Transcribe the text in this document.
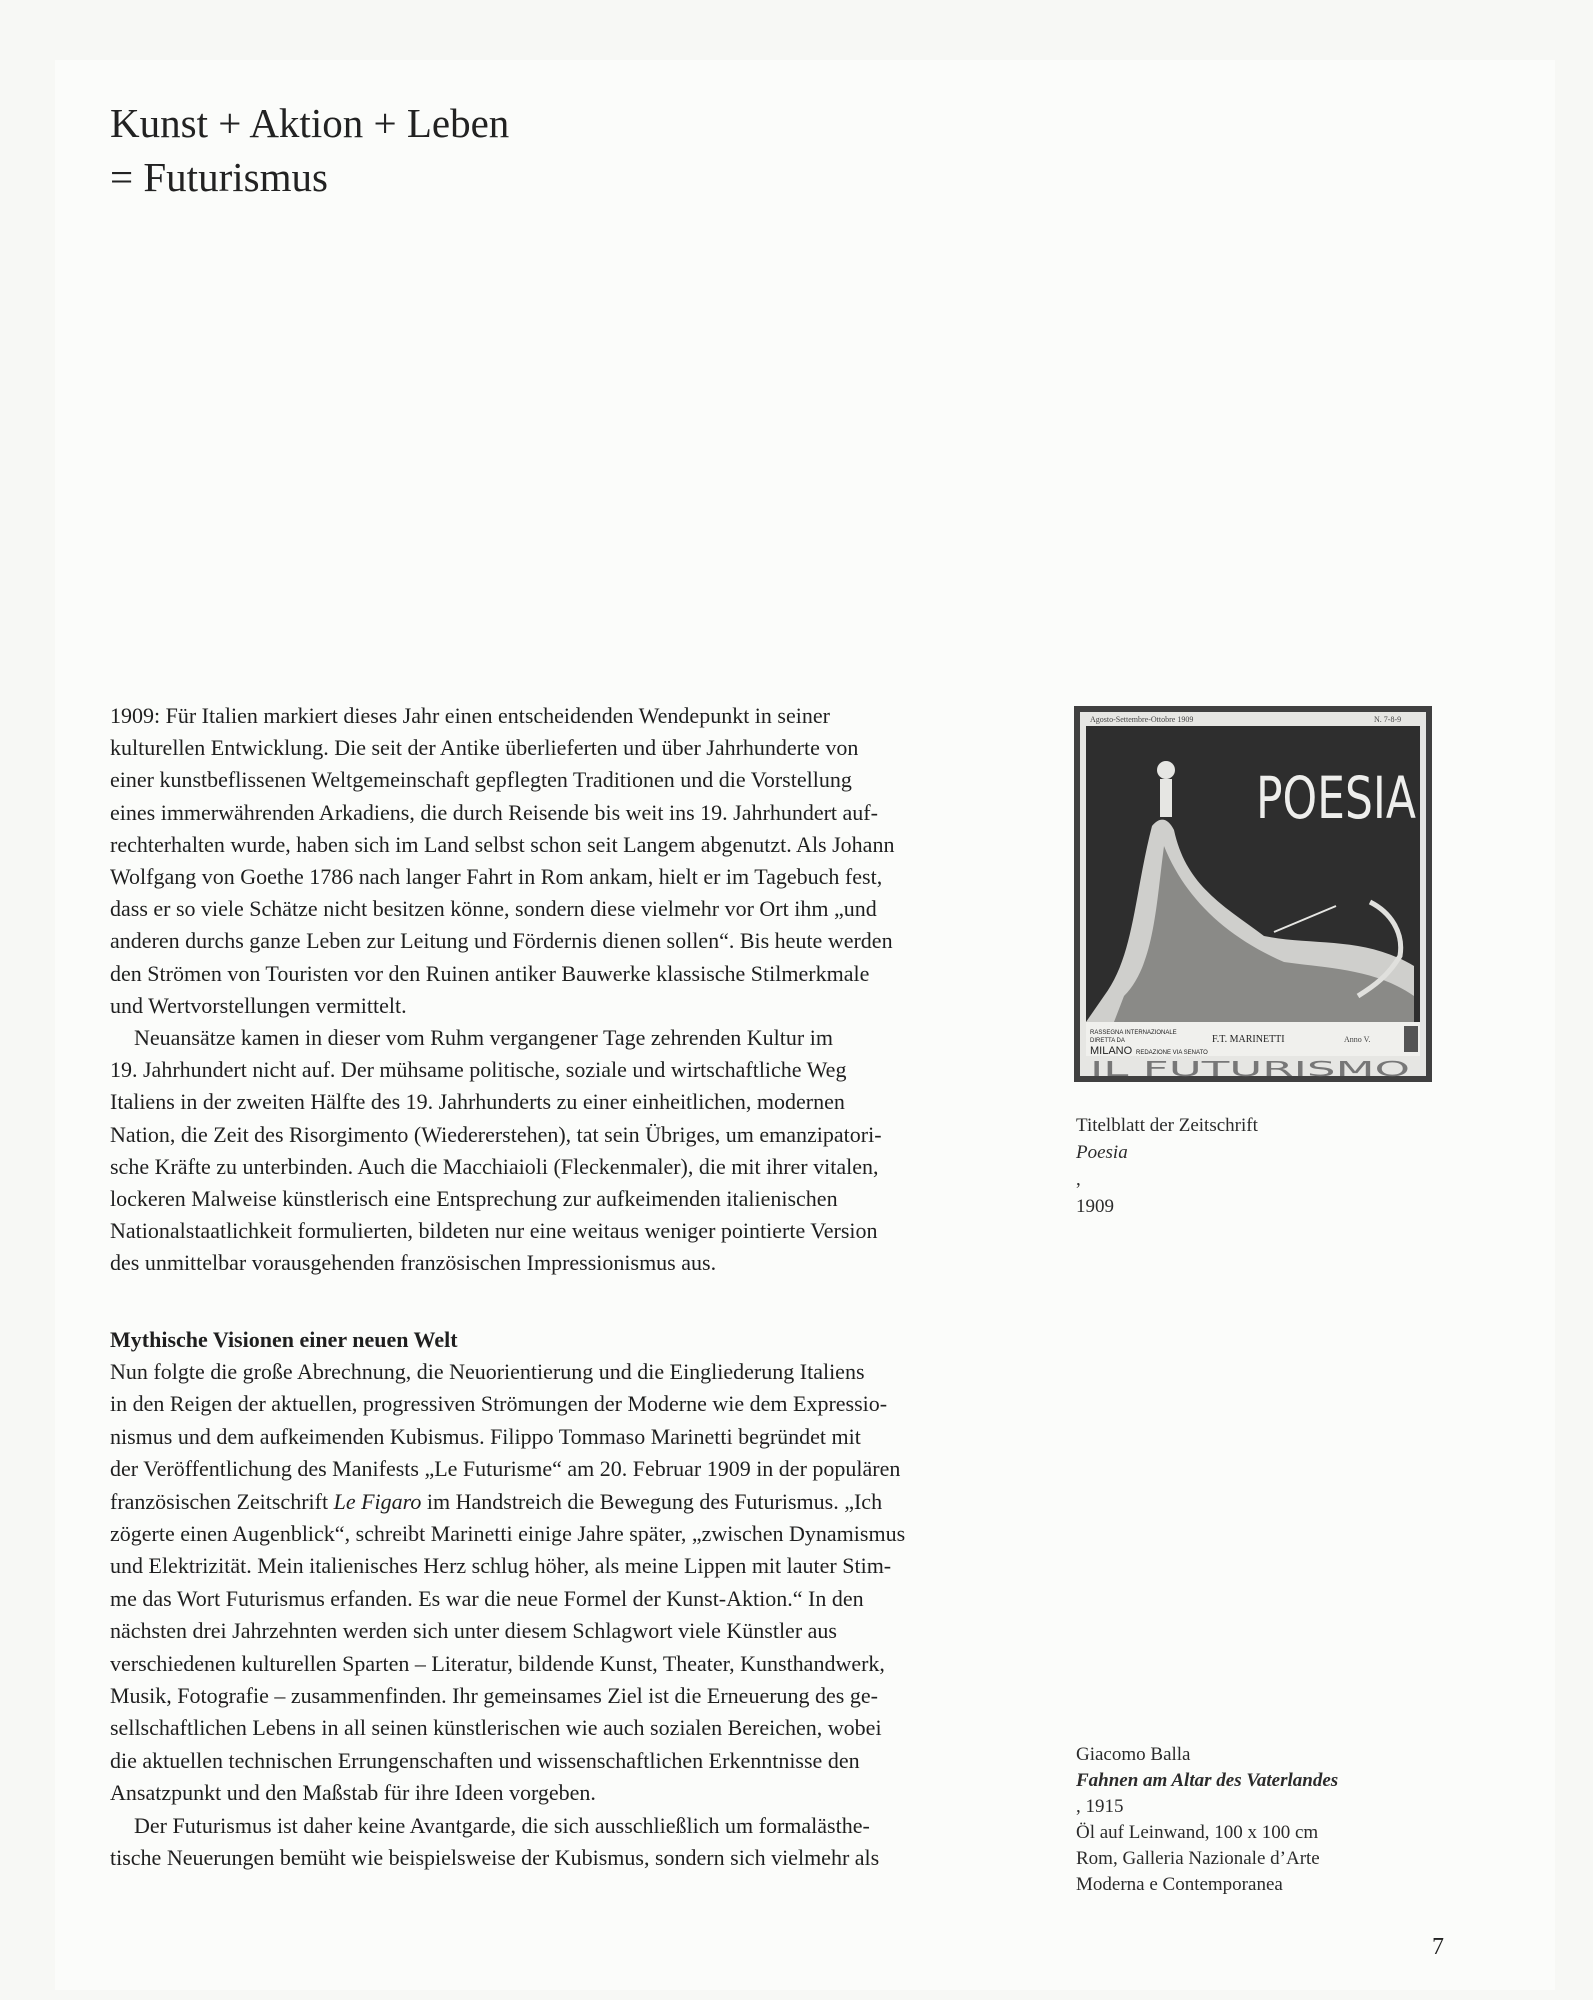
Kunst + Aktion + Leben
= Futurismus

1909: Für Italien markiert dieses Jahr einen entscheidenden Wendepunkt in seiner
kulturellen Entwicklung. Die seit der Antike überlieferten und über Jahrhunderte von
einer kunstbeflissenen Weltgemeinschaft gepflegten Traditionen und die Vorstellung
eines immerwährenden Arkadiens, die durch Reisende bis weit ins 19. Jahrhundert auf-
rechterhalten wurde, haben sich im Land selbst schon seit Langem abgenutzt. Als Johann
Wolfgang von Goethe 1786 nach langer Fahrt in Rom ankam, hielt er im Tagebuch fest,
dass er so viele Schätze nicht besitzen könne, sondern diese vielmehr vor Ort ihm „und
anderen durchs ganze Leben zur Leitung und Fördernis dienen sollen“. Bis heute werden
den Strömen von Touristen vor den Ruinen antiker Bauwerke klassische Stilmerkmale
und Wertvorstellungen vermittelt.

Neuansätze kamen in dieser vom Ruhm vergangener Tage zehrenden Kultur im
19. Jahrhundert nicht auf. Der mühsame politische, soziale und wirtschaftliche Weg
Italiens in der zweiten Hälfte des 19. Jahrhunderts zu einer einheitlichen, modernen
Nation, die Zeit des Risorgimento (Wiedererstehen), tat sein Übriges, um emanzipatori-
sche Kräfte zu unterbinden. Auch die Macchiaioli (Fleckenmaler), die mit ihrer vitalen,
lockeren Malweise künstlerisch eine Entsprechung zur aufkeimenden italienischen
Nationalstaatlichkeit formulierten, bildeten nur eine weitaus weniger pointierte Version
des unmittelbar vorausgehenden französischen Impressionismus aus.

Mythische Visionen einer neuen Welt
Nun folgte die große Abrechnung, die Neuorientierung und die Eingliederung Italiens
in den Reigen der aktuellen, progressiven Strömungen der Moderne wie dem Expressio-
nismus und dem aufkeimenden Kubismus. Filippo Tommaso Marinetti begründet mit
der Veröffentlichung des Manifests „Le Futurisme“ am 20. Februar 1909 in der populären
französischen Zeitschrift Le Figaro im Handstreich die Bewegung des Futurismus. „Ich
zögerte einen Augenblick“, schreibt Marinetti einige Jahre später, „zwischen Dynamismus
und Elektrizität. Mein italienisches Herz schlug höher, als meine Lippen mit lauter Stim-
me das Wort Futurismus erfanden. Es war die neue Formel der Kunst-Aktion.“ In den
nächsten drei Jahrzehnten werden sich unter diesem Schlagwort viele Künstler aus
verschiedenen kulturellen Sparten – Literatur, bildende Kunst, Theater, Kunsthandwerk,
Musik, Fotografie – zusammenfinden. Ihr gemeinsames Ziel ist die Erneuerung des ge-
sellschaftlichen Lebens in all seinen künstlerischen wie auch sozialen Bereichen, wobei
die aktuellen technischen Errungenschaften und wissenschaftlichen Erkenntnisse den
Ansatzpunkt und den Maßstab für ihre Ideen vorgeben.
Der Futurismus ist daher keine Avantgarde, die sich ausschließlich um formalästhe-
tische Neuerungen bemüht wie beispielsweise der Kubismus, sondern sich vielmehr als
Agosto-Settembre-Ottobre 1909	N. 7-8-9
POESIA
RASSEGNA INTERNAZIONALE
DIRETTA DA
MILANO REDAZIONE VIA SENATO
F.T. MARINETTI	Anno V.
IL FUTURISMO
Titelblatt der Zeitschrift
Poesia
,
1909
Giacomo Balla
Fahnen am Altar des Vaterlandes
, 1915
Öl auf Leinwand, 100 x 100 cm
Rom, Galleria Nazionale d’Arte
Moderna e Contemporanea
7
